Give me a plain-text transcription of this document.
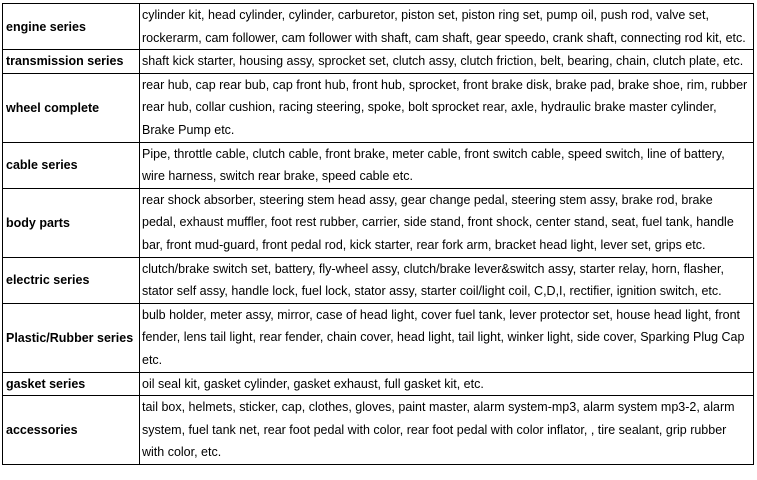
engine series	cylinder kit, head cylinder, cylinder, carburetor, piston set, piston ring set, pump oil, push rod, valve set, rockerarm, cam follower, cam follower with shaft, cam shaft, gear speedo, crank shaft, connecting rod kit, etc.
transmission series	shaft kick starter, housing assy, sprocket set, clutch assy, clutch friction, belt, bearing, chain, clutch plate, etc.
wheel complete	rear hub, cap rear bub, cap front hub, front hub, sprocket, front brake disk, brake pad, brake shoe, rim, rubber rear hub, collar cushion, racing steering, spoke, bolt sprocket rear, axle, hydraulic brake master cylinder, Brake Pump etc.
cable series	Pipe, throttle cable, clutch cable, front brake, meter cable, front switch cable, speed switch, line of battery, wire harness, switch rear brake, speed cable etc.
body parts	rear shock absorber, steering stem head assy, gear change pedal, steering stem assy, brake rod, brake pedal, exhaust muffler, foot rest rubber, carrier, side stand, front shock, center stand, seat, fuel tank, handle bar, front mud-guard, front pedal rod, kick starter, rear fork arm, bracket head light, lever set, grips etc.
electric series	clutch/brake switch set, battery, fly-wheel assy, clutch/brake lever&switch assy, starter relay, horn, flasher, stator self assy, handle lock, fuel lock, stator assy, starter coil/light coil, C,D,I, rectifier, ignition switch, etc.
Plastic/Rubber series	bulb holder, meter assy, mirror, case of head light, cover fuel tank, lever protector set, house head light, front fender, lens tail light, rear fender, chain cover, head light, tail light, winker light, side cover, Sparking Plug Cap etc.
gasket series	oil seal kit, gasket cylinder, gasket exhaust, full gasket kit, etc.
accessories	tail box, helmets, sticker, cap, clothes, gloves, paint master, alarm system-mp3, alarm system mp3-2, alarm system, fuel tank net, rear foot pedal with color, rear foot pedal with color inflator, , tire sealant, grip rubber with color, etc.
